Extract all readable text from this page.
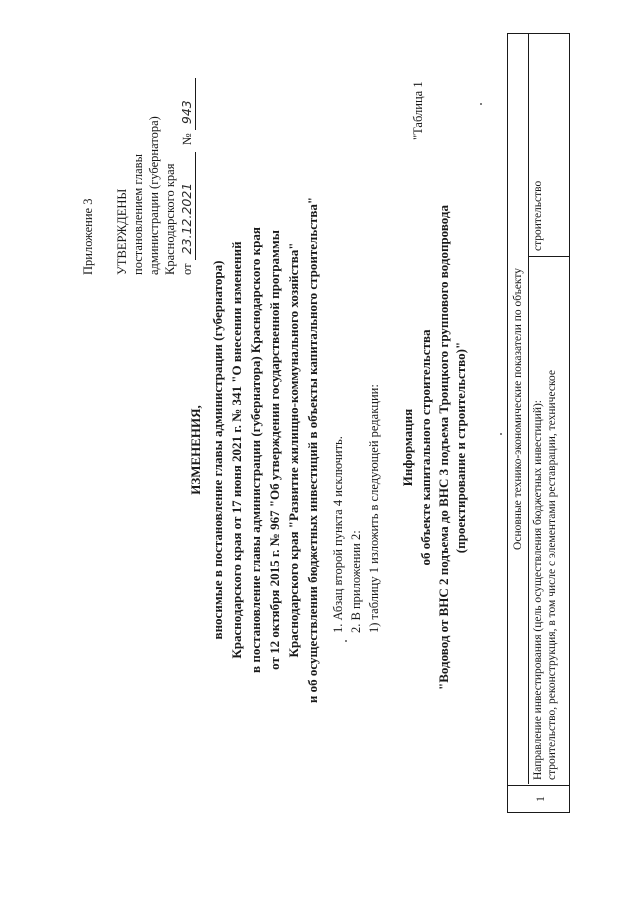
Приложение 3 УТВЕРЖДЕНЫ постановлением главы администрации (губернатора) Краснодарского края от 23.12.2021 № 943
ИЗМЕНЕНИЯ, вносимые в постановление главы администрации (губернатора) Краснодарского края от 17 июня 2021 г. № 341 "О внесении изменений в постановление главы администрации (губернатора) Краснодарского края от 12 октября 2015 г. № 967 "Об утверждении государственной программы Краснодарского края "Развитие жилищно-коммунального хозяйства" и об осуществлении бюджетных инвестиций в объекты капитального строительства" 1. Абзац второй пункта 4 исключить. 2. В приложении 2: 1) таблицу 1 изложить в следующей редакции:
"Таблица 1
Информация об объекте капитального строительства "Водовод от ВНС 2 подъема до ВНС 3 подъема Троицкого группового водопровода (проектирование и строительство)"	Основные технико-экономические показатели по объекту
1
Направление инвестирования (цель осуществления бюджетных инвестиций): строительство, реконструкция, в том числе с элементами реставрации, техническое
строительство
